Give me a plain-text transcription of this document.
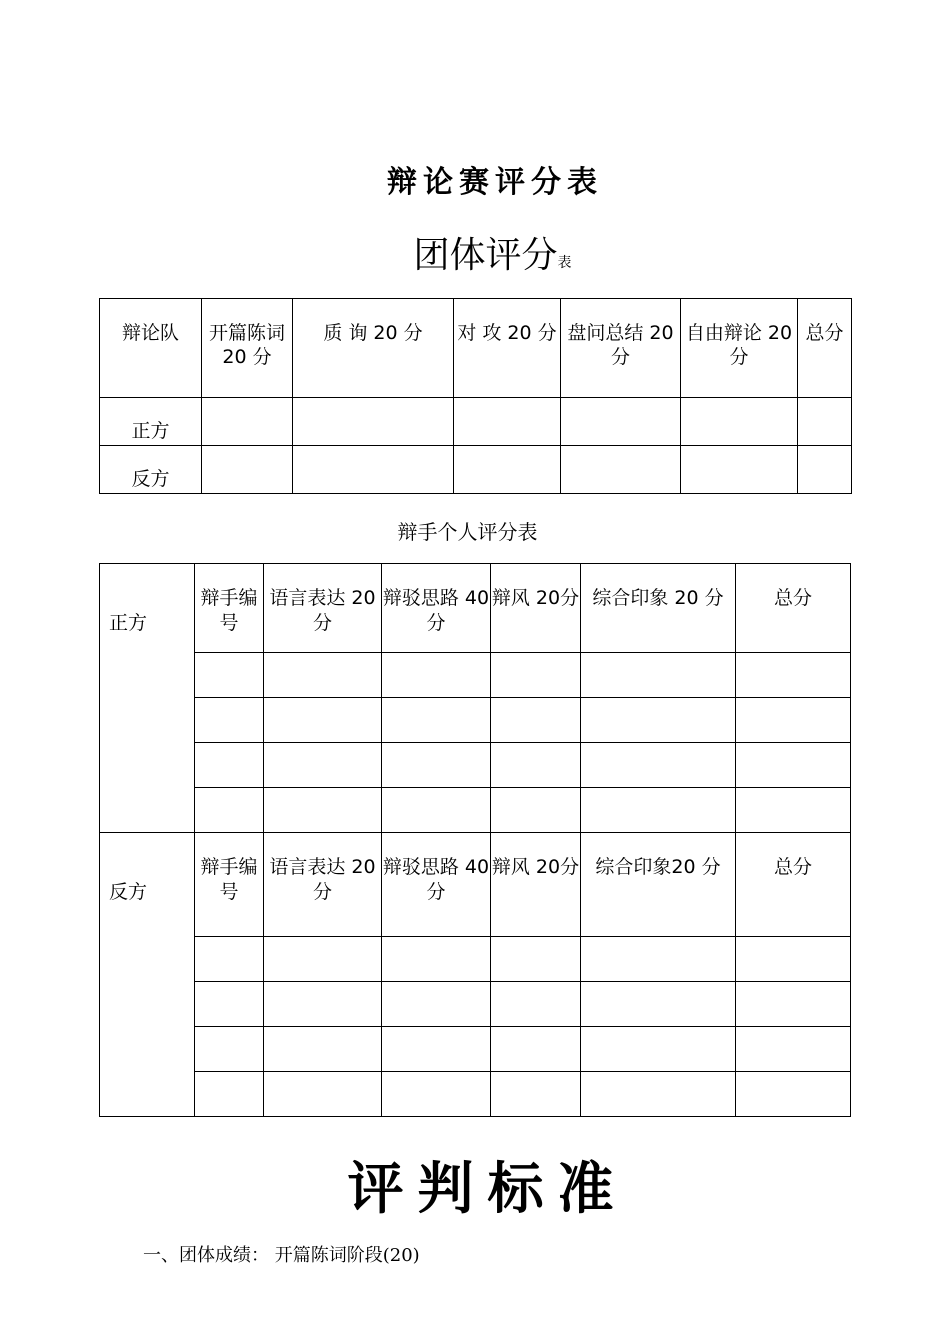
辩论赛评分表
团体评分表
辩论队	开篇陈词 20 分	质 询 20 分	对 攻 20 分	盘问总结 20 分	自由辩论 20分	总分
正方						
反方						
辩手个人评分表
正方	辩手编号	语言表达 20 分	辩驳思路 40 分	辩风 20分	综合印象 20 分	总分

反方	辩手编号	语言表达 20 分	辩驳思路 40 分	辩风 20分	综合印象20 分	总分

评判标准
一、团体成绩： 开篇陈词阶段(20)
